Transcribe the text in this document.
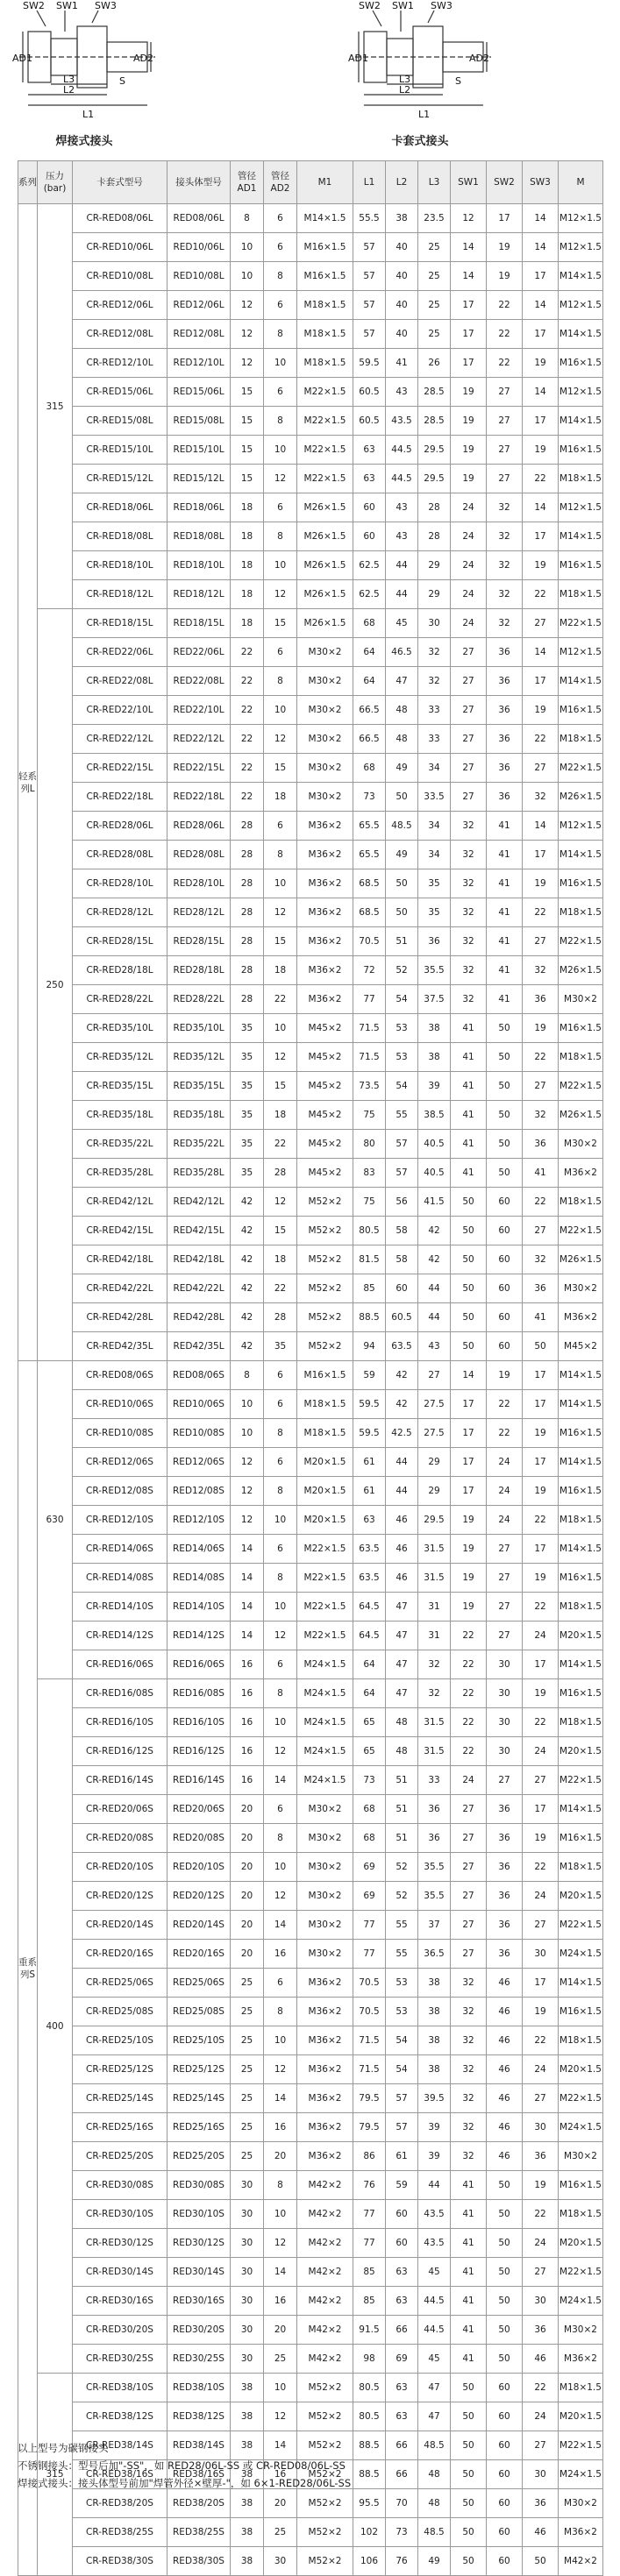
SW2 SW1 SW3
AD1	AD2
S
L3
L2
L1
焊接式接头
SW2 SW1 SW3
AD1	AD2
S
L3
L2
L1
卡套式接头
系列	压力(bar)	卡套式型号	接头体型号	管径AD1	管径AD2	M1	L1	L2	L3	SW1	SW2	SW3	M
轻系列L	315	CR-RED08/06L	RED08/06L	8	6	M14×1.5	55.5	38	23.5	12	17	14	M12×1.5
		CR-RED10/06L	RED10/06L	10	6	M16×1.5	57	40	25	14	19	14	M12×1.5
		CR-RED10/08L	RED10/08L	10	8	M16×1.5	57	40	25	14	19	17	M14×1.5
		CR-RED12/06L	RED12/06L	12	6	M18×1.5	57	40	25	17	22	14	M12×1.5
		CR-RED12/08L	RED12/08L	12	8	M18×1.5	57	40	25	17	22	17	M14×1.5
		CR-RED12/10L	RED12/10L	12	10	M18×1.5	59.5	41	26	17	22	19	M16×1.5
		CR-RED15/06L	RED15/06L	15	6	M22×1.5	60.5	43	28.5	19	27	14	M12×1.5
		CR-RED15/08L	RED15/08L	15	8	M22×1.5	60.5	43.5	28.5	19	27	17	M14×1.5
		CR-RED15/10L	RED15/10L	15	10	M22×1.5	63	44.5	29.5	19	27	19	M16×1.5
		CR-RED15/12L	RED15/12L	15	12	M22×1.5	63	44.5	29.5	19	27	22	M18×1.5
		CR-RED18/06L	RED18/06L	18	6	M26×1.5	60	43	28	24	32	14	M12×1.5
		CR-RED18/08L	RED18/08L	18	8	M26×1.5	60	43	28	24	32	17	M14×1.5
		CR-RED18/10L	RED18/10L	18	10	M26×1.5	62.5	44	29	24	32	19	M16×1.5
		CR-RED18/12L	RED18/12L	18	12	M26×1.5	62.5	44	29	24	32	22	M18×1.5
	250	CR-RED18/15L	RED18/15L	18	15	M26×1.5	68	45	30	24	32	27	M22×1.5
		CR-RED22/06L	RED22/06L	22	6	M30×2	64	46.5	32	27	36	14	M12×1.5
		CR-RED22/08L	RED22/08L	22	8	M30×2	64	47	32	27	36	17	M14×1.5
		CR-RED22/10L	RED22/10L	22	10	M30×2	66.5	48	33	27	36	19	M16×1.5
		CR-RED22/12L	RED22/12L	22	12	M30×2	66.5	48	33	27	36	22	M18×1.5
		CR-RED22/15L	RED22/15L	22	15	M30×2	68	49	34	27	36	27	M22×1.5
		CR-RED22/18L	RED22/18L	22	18	M30×2	73	50	33.5	27	36	32	M26×1.5
		CR-RED28/06L	RED28/06L	28	6	M36×2	65.5	48.5	34	32	41	14	M12×1.5
		CR-RED28/08L	RED28/08L	28	8	M36×2	65.5	49	34	32	41	17	M14×1.5
		CR-RED28/10L	RED28/10L	28	10	M36×2	68.5	50	35	32	41	19	M16×1.5
		CR-RED28/12L	RED28/12L	28	12	M36×2	68.5	50	35	32	41	22	M18×1.5
		CR-RED28/15L	RED28/15L	28	15	M36×2	70.5	51	36	32	41	27	M22×1.5
		CR-RED28/18L	RED28/18L	28	18	M36×2	72	52	35.5	32	41	32	M26×1.5
		CR-RED28/22L	RED28/22L	28	22	M36×2	77	54	37.5	32	41	36	M30×2
		CR-RED35/10L	RED35/10L	35	10	M45×2	71.5	53	38	41	50	19	M16×1.5
		CR-RED35/12L	RED35/12L	35	12	M45×2	71.5	53	38	41	50	22	M18×1.5
		CR-RED35/15L	RED35/15L	35	15	M45×2	73.5	54	39	41	50	27	M22×1.5
		CR-RED35/18L	RED35/18L	35	18	M45×2	75	55	38.5	41	50	32	M26×1.5
		CR-RED35/22L	RED35/22L	35	22	M45×2	80	57	40.5	41	50	36	M30×2
		CR-RED35/28L	RED35/28L	35	28	M45×2	83	57	40.5	41	50	41	M36×2
		CR-RED42/12L	RED42/12L	42	12	M52×2	75	56	41.5	50	60	22	M18×1.5
		CR-RED42/15L	RED42/15L	42	15	M52×2	80.5	58	42	50	60	27	M22×1.5
		CR-RED42/18L	RED42/18L	42	18	M52×2	81.5	58	42	50	60	32	M26×1.5
		CR-RED42/22L	RED42/22L	42	22	M52×2	85	60	44	50	60	36	M30×2
		CR-RED42/28L	RED42/28L	42	28	M52×2	88.5	60.5	44	50	60	41	M36×2
		CR-RED42/35L	RED42/35L	42	35	M52×2	94	63.5	43	50	60	50	M45×2
重系列S	630	CR-RED08/06S	RED08/06S	8	6	M16×1.5	59	42	27	14	19	17	M14×1.5
		CR-RED10/06S	RED10/06S	10	6	M18×1.5	59.5	42	27.5	17	22	17	M14×1.5
		CR-RED10/08S	RED10/08S	10	8	M18×1.5	59.5	42.5	27.5	17	22	19	M16×1.5
		CR-RED12/06S	RED12/06S	12	6	M20×1.5	61	44	29	17	24	17	M14×1.5
		CR-RED12/08S	RED12/08S	12	8	M20×1.5	61	44	29	17	24	19	M16×1.5
		CR-RED12/10S	RED12/10S	12	10	M20×1.5	63	46	29.5	19	24	22	M18×1.5
		CR-RED14/06S	RED14/06S	14	6	M22×1.5	63.5	46	31.5	19	27	17	M14×1.5
		CR-RED14/08S	RED14/08S	14	8	M22×1.5	63.5	46	31.5	19	27	19	M16×1.5
		CR-RED14/10S	RED14/10S	14	10	M22×1.5	64.5	47	31	19	27	22	M18×1.5
		CR-RED14/12S	RED14/12S	14	12	M22×1.5	64.5	47	31	22	27	24	M20×1.5
		CR-RED16/06S	RED16/06S	16	6	M24×1.5	64	47	32	22	30	17	M14×1.5
	400	CR-RED16/08S	RED16/08S	16	8	M24×1.5	64	47	32	22	30	19	M16×1.5
		CR-RED16/10S	RED16/10S	16	10	M24×1.5	65	48	31.5	22	30	22	M18×1.5
		CR-RED16/12S	RED16/12S	16	12	M24×1.5	65	48	31.5	22	30	24	M20×1.5
		CR-RED16/14S	RED16/14S	16	14	M24×1.5	73	51	33	24	27	27	M22×1.5
		CR-RED20/06S	RED20/06S	20	6	M30×2	68	51	36	27	36	17	M14×1.5
		CR-RED20/08S	RED20/08S	20	8	M30×2	68	51	36	27	36	19	M16×1.5
		CR-RED20/10S	RED20/10S	20	10	M30×2	69	52	35.5	27	36	22	M18×1.5
		CR-RED20/12S	RED20/12S	20	12	M30×2	69	52	35.5	27	36	24	M20×1.5
		CR-RED20/14S	RED20/14S	20	14	M30×2	77	55	37	27	36	27	M22×1.5
		CR-RED20/16S	RED20/16S	20	16	M30×2	77	55	36.5	27	36	30	M24×1.5
		CR-RED25/06S	RED25/06S	25	6	M36×2	70.5	53	38	32	46	17	M14×1.5
		CR-RED25/08S	RED25/08S	25	8	M36×2	70.5	53	38	32	46	19	M16×1.5
		CR-RED25/10S	RED25/10S	25	10	M36×2	71.5	54	38	32	46	22	M18×1.5
		CR-RED25/12S	RED25/12S	25	12	M36×2	71.5	54	38	32	46	24	M20×1.5
		CR-RED25/14S	RED25/14S	25	14	M36×2	79.5	57	39.5	32	46	27	M22×1.5
		CR-RED25/16S	RED25/16S	25	16	M36×2	79.5	57	39	32	46	30	M24×1.5
		CR-RED25/20S	RED25/20S	25	20	M36×2	86	61	39	32	46	36	M30×2
		CR-RED30/08S	RED30/08S	30	8	M42×2	76	59	44	41	50	19	M16×1.5
		CR-RED30/10S	RED30/10S	30	10	M42×2	77	60	43.5	41	50	22	M18×1.5
		CR-RED30/12S	RED30/12S	30	12	M42×2	77	60	43.5	41	50	24	M20×1.5
		CR-RED30/14S	RED30/14S	30	14	M42×2	85	63	45	41	50	27	M22×1.5
		CR-RED30/16S	RED30/16S	30	16	M42×2	85	63	44.5	41	50	30	M24×1.5
		CR-RED30/20S	RED30/20S	30	20	M42×2	91.5	66	44.5	41	50	36	M30×2
		CR-RED30/25S	RED30/25S	30	25	M42×2	98	69	45	41	50	46	M36×2
	315	CR-RED38/10S	RED38/10S	38	10	M52×2	80.5	63	47	50	60	22	M18×1.5
		CR-RED38/12S	RED38/12S	38	12	M52×2	80.5	63	47	50	60	24	M20×1.5
		CR-RED38/14S	RED38/14S	38	14	M52×2	88.5	66	48.5	50	60	27	M22×1.5
		CR-RED38/16S	RED38/16S	38	16	M52×2	88.5	66	48	50	60	30	M24×1.5
		CR-RED38/20S	RED38/20S	38	20	M52×2	95.5	70	48	50	60	36	M30×2
		CR-RED38/25S	RED38/25S	38	25	M52×2	102	73	48.5	50	60	46	M36×2
		CR-RED38/30S	RED38/30S	38	30	M52×2	106	76	49	50	60	50	M42×2
以上型号为碳钢接头
不锈钢接头：型号后加"-SS"，如 RED28/06L-SS 或 CR-RED08/06L-SS
焊接式接头：接头体型号前加"焊管外径×壁厚-"，如 6×1-RED28/06L-SS
